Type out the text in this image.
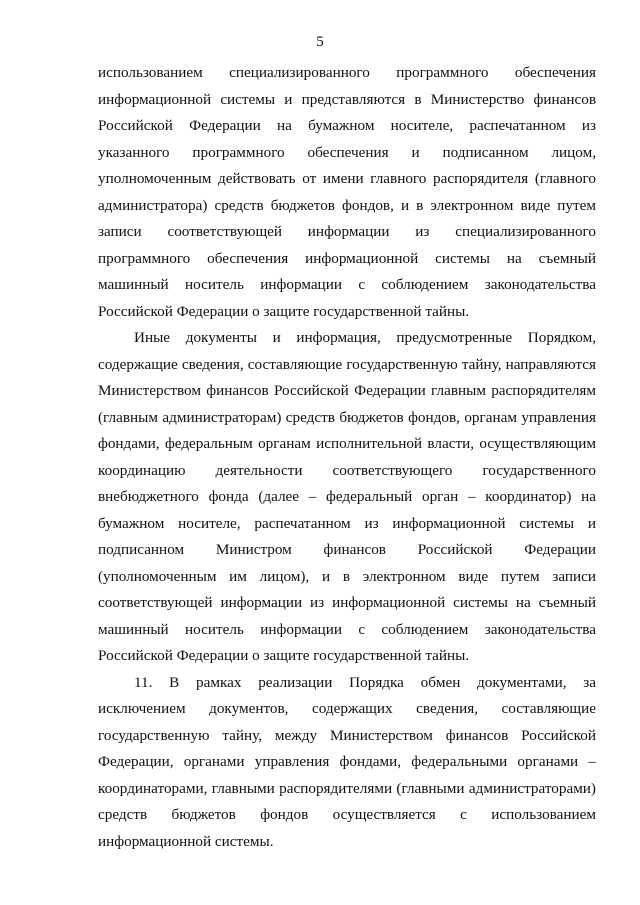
5

использованием специализированного программного обеспечения информационной системы и представляются в Министерство финансов Российской Федерации на бумажном носителе, распечатанном из указанного программного обеспечения и подписанном лицом, уполномоченным действовать от имени главного распорядителя (главного администратора) средств бюджетов фондов, и в электронном виде путем записи соответствующей информации из специализированного программного обеспечения информационной системы на съемный машинный носитель информации с соблюдением законодательства Российской Федерации о защите государственной тайны.

Иные документы и информация, предусмотренные Порядком, содержащие сведения, составляющие государственную тайну, направляются Министерством финансов Российской Федерации главным распорядителям (главным администраторам) средств бюджетов фондов, органам управления фондами, федеральным органам исполнительной власти, осуществляющим координацию деятельности соответствующего государственного внебюджетного фонда (далее – федеральный орган – координатор) на бумажном носителе, распечатанном из информационной системы и подписанном Министром финансов Российской Федерации (уполномоченным им лицом), и в электронном виде путем записи соответствующей информации из информационной системы на съемный машинный носитель информации с соблюдением законодательства Российской Федерации о защите государственной тайны.

11. В рамках реализации Порядка обмен документами, за исключением документов, содержащих сведения, составляющие государственную тайну, между Министерством финансов Российской Федерации, органами управления фондами, федеральными органами – координаторами, главными распорядителями (главными администраторами) средств бюджетов фондов осуществляется с использованием информационной системы.
